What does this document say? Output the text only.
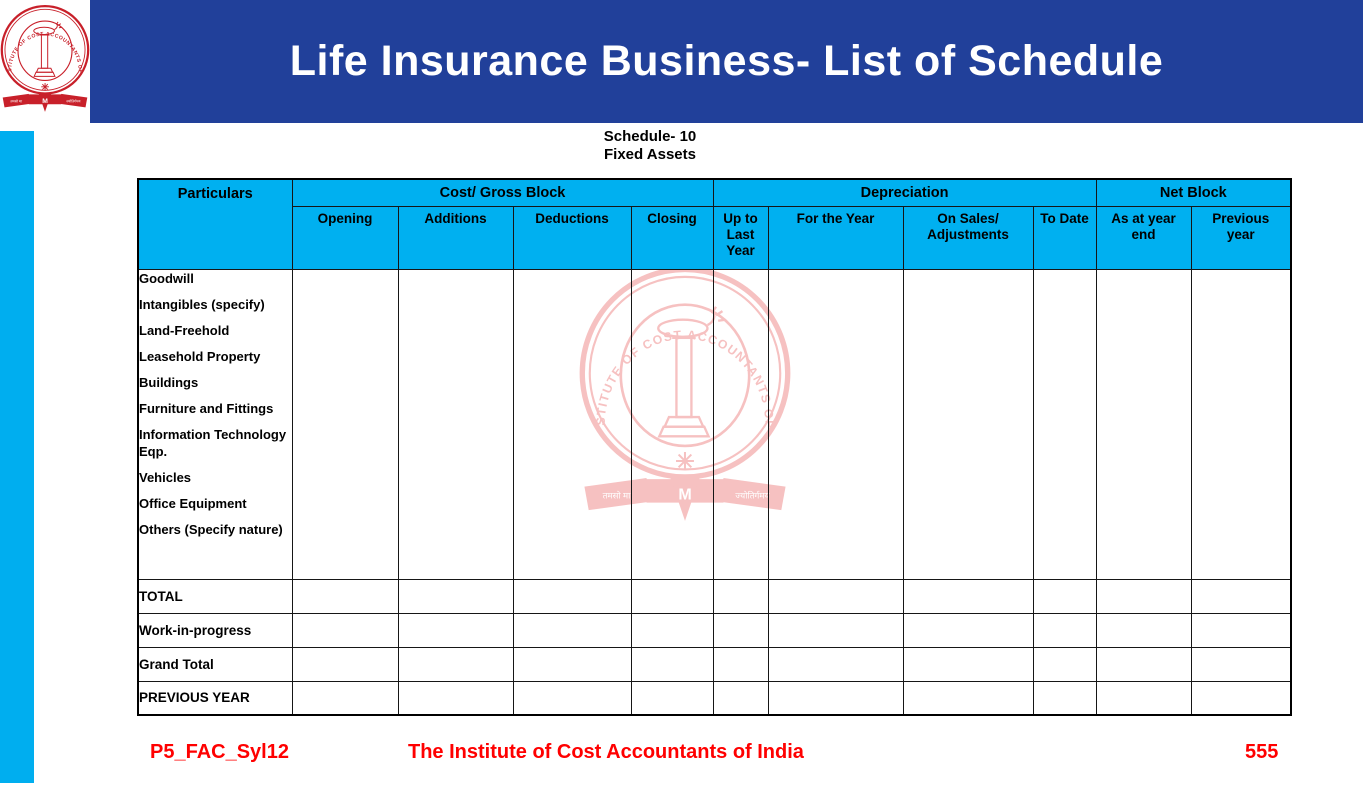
Life Insurance Business- List of Schedule
Schedule- 10
Fixed Assets
Particulars	Cost/ Gross Block				Depreciation				Net Block	
	Opening	Additions	Deductions	Closing	Up to Last Year	For the Year	On Sales/ Adjustments	To Date	As at year end	Previous year

Goodwill
Intangibles (specify)
Land-Freehold
Leasehold Property
Buildings
Furniture and Fittings
Information Technology Eqp.
Vehicles
Office Equipment
Others (Specify nature)

TOTAL										
Work-in-progress										
Grand Total										
PREVIOUS YEAR										
P5_FAC_Syl12	The Institute of Cost Accountants of India	555
